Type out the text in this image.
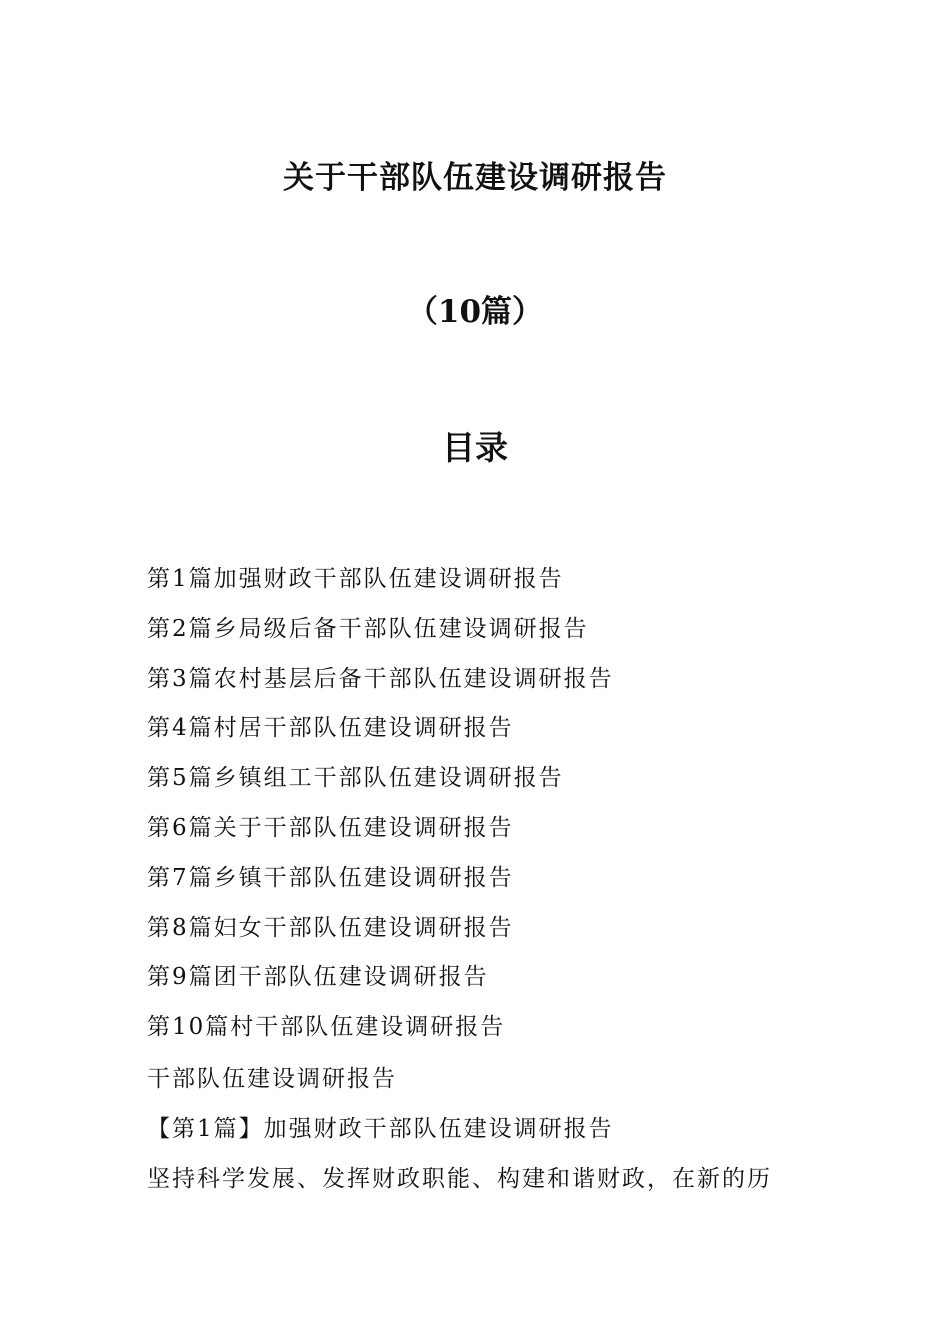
关于干部队伍建设调研报告
（10篇）
目录
第1篇加强财政干部队伍建设调研报告
第2篇乡局级后备干部队伍建设调研报告
第3篇农村基层后备干部队伍建设调研报告
第4篇村居干部队伍建设调研报告
第5篇乡镇组工干部队伍建设调研报告
第6篇关于干部队伍建设调研报告
第7篇乡镇干部队伍建设调研报告
第8篇妇女干部队伍建设调研报告
第9篇团干部队伍建设调研报告
第10篇村干部队伍建设调研报告
干部队伍建设调研报告
【第1篇】加强财政干部队伍建设调研报告
坚持科学发展、发挥财政职能、构建和谐财政，在新的历
